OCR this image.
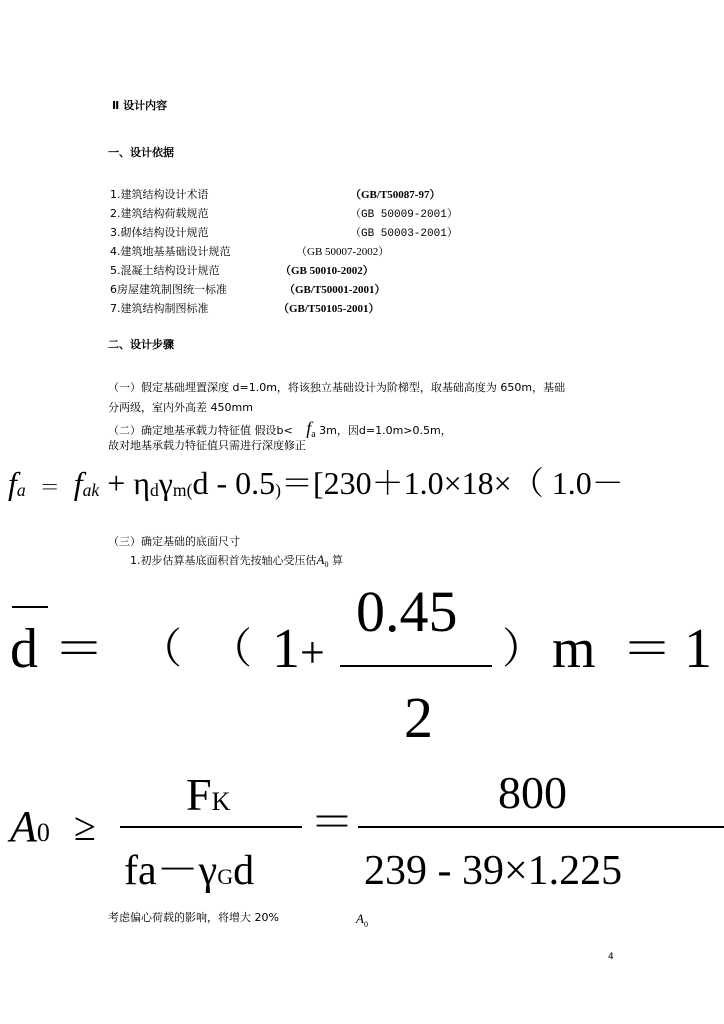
Ⅱ 设计内容
一、设计依据
1.建筑结构设计术语	（GB/T50087-97）
2.建筑结构荷载规范	（GB 50009-2001）
3.砌体结构设计规范	（GB 50003-2001）
4.建筑地基基础设计规范	（GB 50007-2002）
5.混凝土结构设计规范	（GB 50010-2002）
6房屋建筑制图统一标准	（GB/T50001-2001）
7.建筑结构制图标准	（GB/T50105-2001）
二、设计步骤
（一）假定基础埋置深度 d=1.0m，将该独立基础设计为阶梯型，取基础高度为 650m，基础
分两级，室内外高差 450mm
（二）确定地基承载力特征值 假设$b< f_a$ 3m，因d=1.0m>0.5m，
故对地基承载力特征值只需进行深度修正
$f_a = f_{ak} + \eta_d\gamma_{m(}d - 0.5_)=[230+1.0\times 18\times$（ 1.0－
（三）确定基础的底面尺寸
1.初步估算基底面积首先按轴心受压估$A_0$ 算
d ＝ （ （ 1 +
0.45
2
） m ＝ 1
A0 ≥
FK
fa－γGd
＝
800
239 - 39×1.225
考虑偏心荷载的影响，将增大 20%	$A_0$
4
